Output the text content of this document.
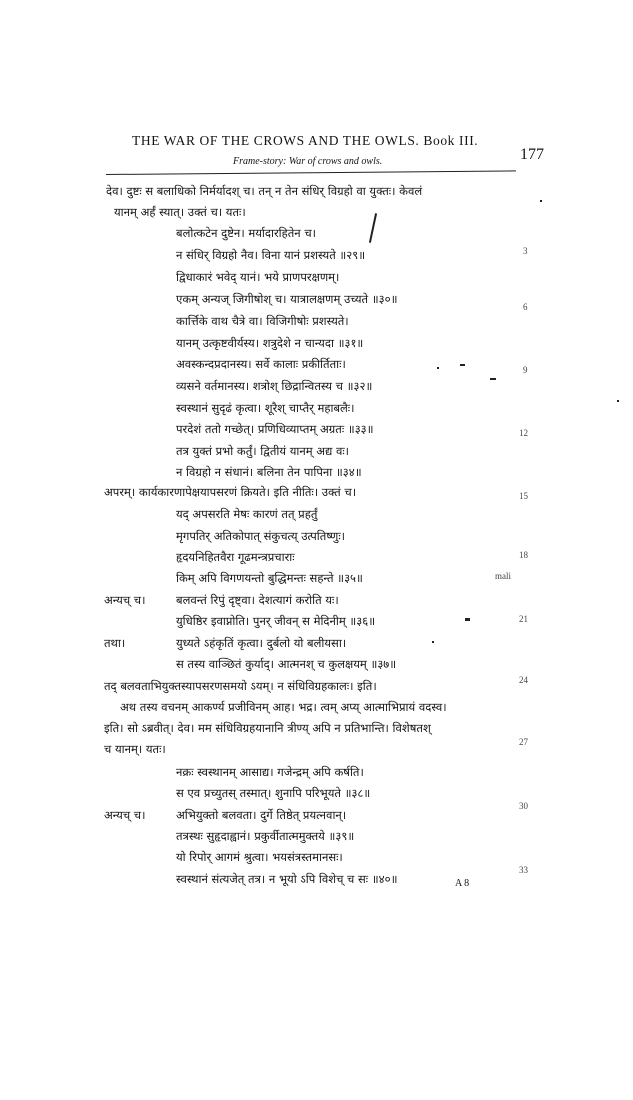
THE WAR OF THE CROWS AND THE OWLS. Book III.
177
Frame-story: War of crows and owls.
देव। दुष्टः स बलाधिको निर्मर्यादश् च। तन् न तेन संधिर् विग्रहो वा युक्तः। केवलं
यानम् अर्हं स्यात्। उक्तं च। यतः।
बलोत्कटेन दुष्टेन। मर्यादारहितेन च।
न संधिर् विग्रहो नैव। विना यानं प्रशस्यते ॥२९॥
द्विधाकारं भवेद् यानं। भये प्राणपरक्षणम्।
एकम् अन्यज् जिगीषोश् च। यात्रालक्षणम् उच्यते ॥३०॥
कार्त्तिके वाथ चैत्रे वा। विजिगीषोः प्रशस्यते।
यानम् उत्कृष्टवीर्यस्य। शत्रुदेशे न चान्यदा ॥३१॥
अवस्कन्दप्रदानस्य। सर्वे कालाः प्रकीर्तिताः।
व्यसने वर्तमानस्य। शत्रोश् छिद्रान्वितस्य च ॥३२॥
स्वस्थानं सुदृढं कृत्वा। शूरैश् चाप्तैर् महाबलैः।
परदेशं ततो गच्छेत्। प्रणिधिव्याप्तम् अग्रतः ॥३३॥
तत्र युक्तं प्रभो कर्तुं। द्वितीयं यानम् अद्य वः।
न विग्रहो न संधानं। बलिना तेन पापिना ॥३४॥
अपरम्। कार्यकारणापेक्षयापसरणं क्रियते। इति नीतिः। उक्तं च।
यद् अपसरति मेषः कारणं तत् प्रहर्तुं
मृगपतिर् अतिकोपात् संकुचत्य् उत्पतिष्णुः।
हृदयनिहितवैरा गूढमन्त्रप्रचाराः
किम् अपि विगणयन्तो बुद्धिमन्तः सहन्ते ॥३५॥
अन्यच् च।	बलवन्तं रिपुं दृष्ट्वा। देशत्यागं करोति यः।
युधिष्ठिर इवाप्नोति। पुनर् जीवन् स मेदिनीम् ॥३६॥
तथा।	युध्यते ऽहंकृतिं कृत्वा। दुर्बलो यो बलीयसा।
स तस्य वाञ्छितं कुर्याद्। आत्मनश् च कुलक्षयम् ॥३७॥
तद् बलवताभियुक्तस्यापसरणसमयो ऽयम्। न संधिविग्रहकालः। इति।
अथ तस्य वचनम् आकर्ण्य प्रजीविनम् आह। भद्र। त्वम् अप्य् आत्माभिप्रायं वदस्व।
इति। सो ऽब्रवीत्। देव। मम संधिविग्रहयानानि त्रीण्य् अपि न प्रतिभान्ति। विशेषतश्
च यानम्। यतः।
नक्रः स्वस्थानम् आसाद्य। गजेन्द्रम् अपि कर्षति।
स एव प्रच्युतस् तस्मात्। शुनापि परिभूयते ॥३८॥
अन्यच् च।	अभियुक्तो बलवता। दुर्गे तिष्ठेत् प्रयत्नवान्।
तत्रस्थः सुहृदाह्वानं। प्रकुर्वीतात्ममुक्तये ॥३९॥
यो रिपोर् आगमं श्रुत्वा। भयसंत्रस्तमानसः।
स्वस्थानं संत्यजेत् तत्र। न भूयो ऽपि विशेच् च सः ॥४०॥
3
6
9
12
15
18
21
24
27
30
33
mali
A 8
